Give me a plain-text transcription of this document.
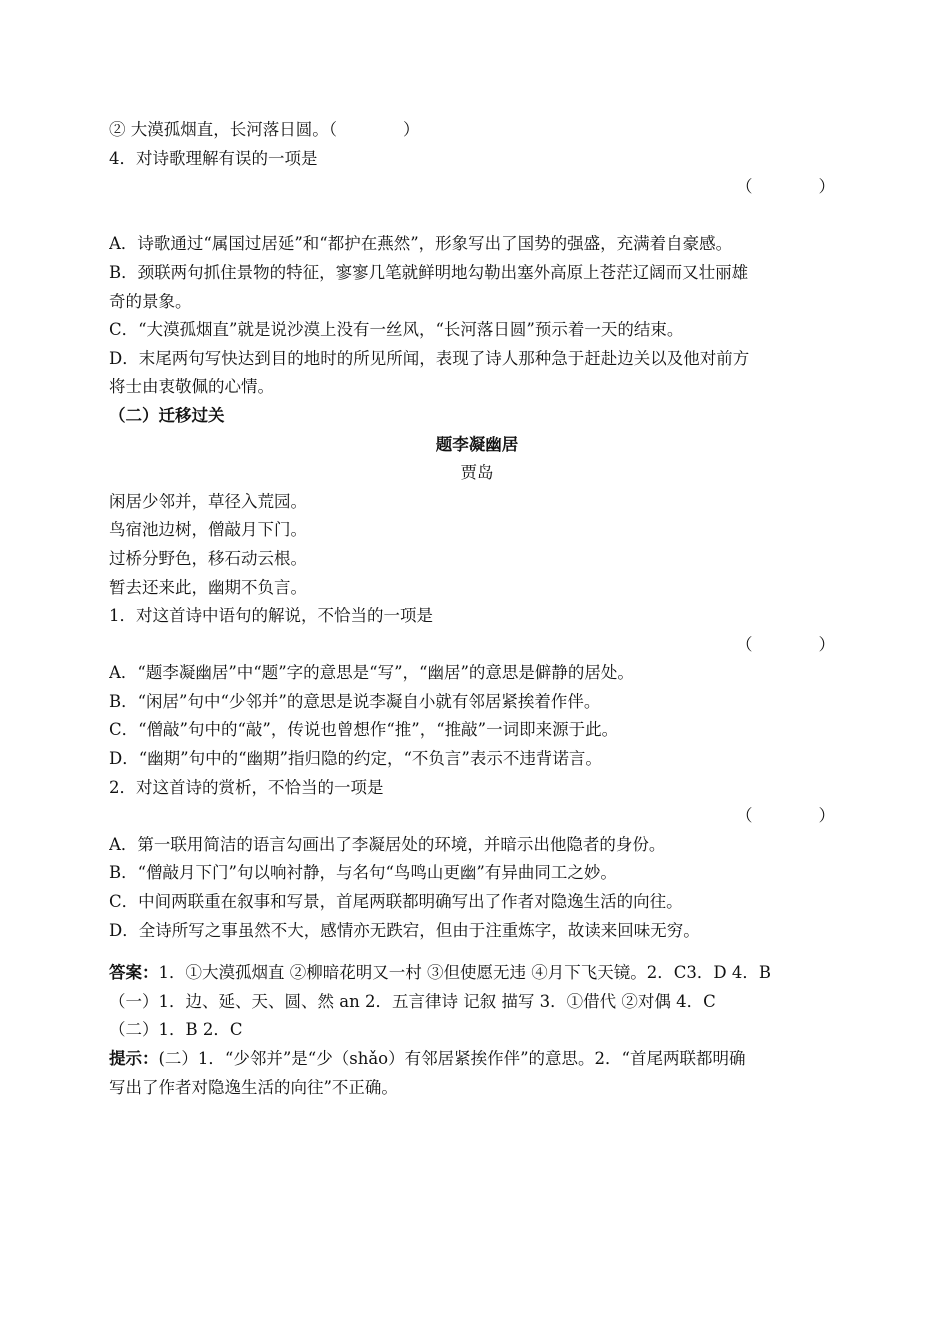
② 大漠孤烟直，长河落日圆。（　　　　）
4．对诗歌理解有误的一项是
（　　　　）
A．诗歌通过“属国过居延”和“都护在燕然”，形象写出了国势的强盛，充满着自豪感。
B．颈联两句抓住景物的特征，寥寥几笔就鲜明地勾勒出塞外高原上苍茫辽阔而又壮丽雄
奇的景象。
C．“大漠孤烟直”就是说沙漠上没有一丝风，“长河落日圆”预示着一天的结束。
D．末尾两句写快达到目的地时的所见所闻，表现了诗人那种急于赶赴边关以及他对前方
将士由衷敬佩的心情。
（二）迁移过关
题李凝幽居
贾岛
闲居少邻并，草径入荒园。
鸟宿池边树，僧敲月下门。
过桥分野色，移石动云根。
暂去还来此，幽期不负言。
1．对这首诗中语句的解说，不恰当的一项是
（　　　　）
A．“题李凝幽居”中“题”字的意思是“写”，“幽居”的意思是僻静的居处。
B．“闲居”句中“少邻并”的意思是说李凝自小就有邻居紧挨着作伴。
C．“僧敲”句中的“敲”，传说也曾想作“推”，“推敲”一词即来源于此。
D．“幽期”句中的“幽期”指归隐的约定，“不负言”表示不违背诺言。
2．对这首诗的赏析，不恰当的一项是
（　　　　）
A．第一联用简洁的语言勾画出了李凝居处的环境，并暗示出他隐者的身份。
B．“僧敲月下门”句以响衬静，与名句“鸟鸣山更幽”有异曲同工之妙。
C．中间两联重在叙事和写景，首尾两联都明确写出了作者对隐逸生活的向往。
D．全诗所写之事虽然不大，感情亦无跌宕，但由于注重炼字，故读来回味无穷。
答案：1．①大漠孤烟直 ②柳暗花明又一村 ③但使愿无违 ④月下飞天镜。2．C3．D 4．B
（一）1．边、延、天、圆、然 an 2．五言律诗 记叙 描写 3．①借代 ②对偶 4．C
（二）1．B 2．C
提示：(二）1．“少邻并”是“少（shǎo）有邻居紧挨作伴”的意思。2．“首尾两联都明确
写出了作者对隐逸生活的向往”不正确。
